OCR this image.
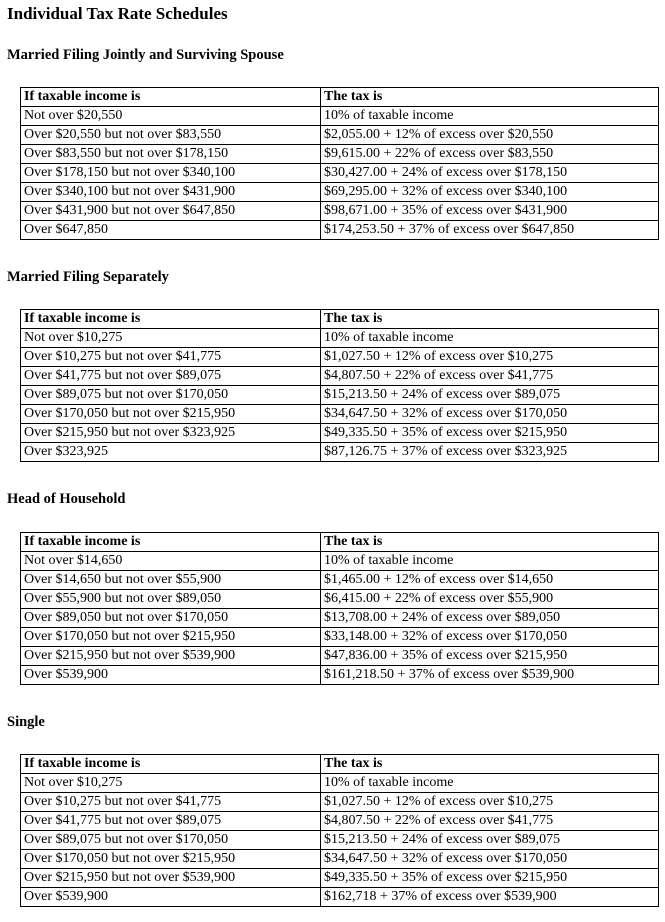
Individual Tax Rate Schedules
Married Filing Jointly and Surviving Spouse
If taxable income is	The tax is
Not over $20,550	10% of taxable income
Over $20,550 but not over $83,550	$2,055.00 + 12% of excess over $20,550
Over $83,550 but not over $178,150	$9,615.00 + 22% of excess over $83,550
Over $178,150 but not over $340,100	$30,427.00 + 24% of excess over $178,150
Over $340,100 but not over $431,900	$69,295.00 + 32% of excess over $340,100
Over $431,900 but not over $647,850	$98,671.00 + 35% of excess over $431,900
Over $647,850	$174,253.50 + 37% of excess over $647,850
Married Filing Separately
If taxable income is	The tax is
Not over $10,275	10% of taxable income
Over $10,275 but not over $41,775	$1,027.50 + 12% of excess over $10,275
Over $41,775 but not over $89,075	$4,807.50 + 22% of excess over $41,775
Over $89,075 but not over $170,050	$15,213.50 + 24% of excess over $89,075
Over $170,050 but not over $215,950	$34,647.50 + 32% of excess over $170,050
Over $215,950 but not over $323,925	$49,335.50 + 35% of excess over $215,950
Over $323,925	$87,126.75 + 37% of excess over $323,925
Head of Household
If taxable income is	The tax is
Not over $14,650	10% of taxable income
Over $14,650 but not over $55,900	$1,465.00 + 12% of excess over $14,650
Over $55,900 but not over $89,050	$6,415.00 + 22% of excess over $55,900
Over $89,050 but not over $170,050	$13,708.00 + 24% of excess over $89,050
Over $170,050 but not over $215,950	$33,148.00 + 32% of excess over $170,050
Over $215,950 but not over $539,900	$47,836.00 + 35% of excess over $215,950
Over $539,900	$161,218.50 + 37% of excess over $539,900
Single
If taxable income is	The tax is
Not over $10,275	10% of taxable income
Over $10,275 but not over $41,775	$1,027.50 + 12% of excess over $10,275
Over $41,775 but not over $89,075	$4,807.50 + 22% of excess over $41,775
Over $89,075 but not over $170,050	$15,213.50 + 24% of excess over $89,075
Over $170,050 but not over $215,950	$34,647.50 + 32% of excess over $170,050
Over $215,950 but not over $539,900	$49,335.50 + 35% of excess over $215,950
Over $539,900	$162,718 + 37% of excess over $539,900
